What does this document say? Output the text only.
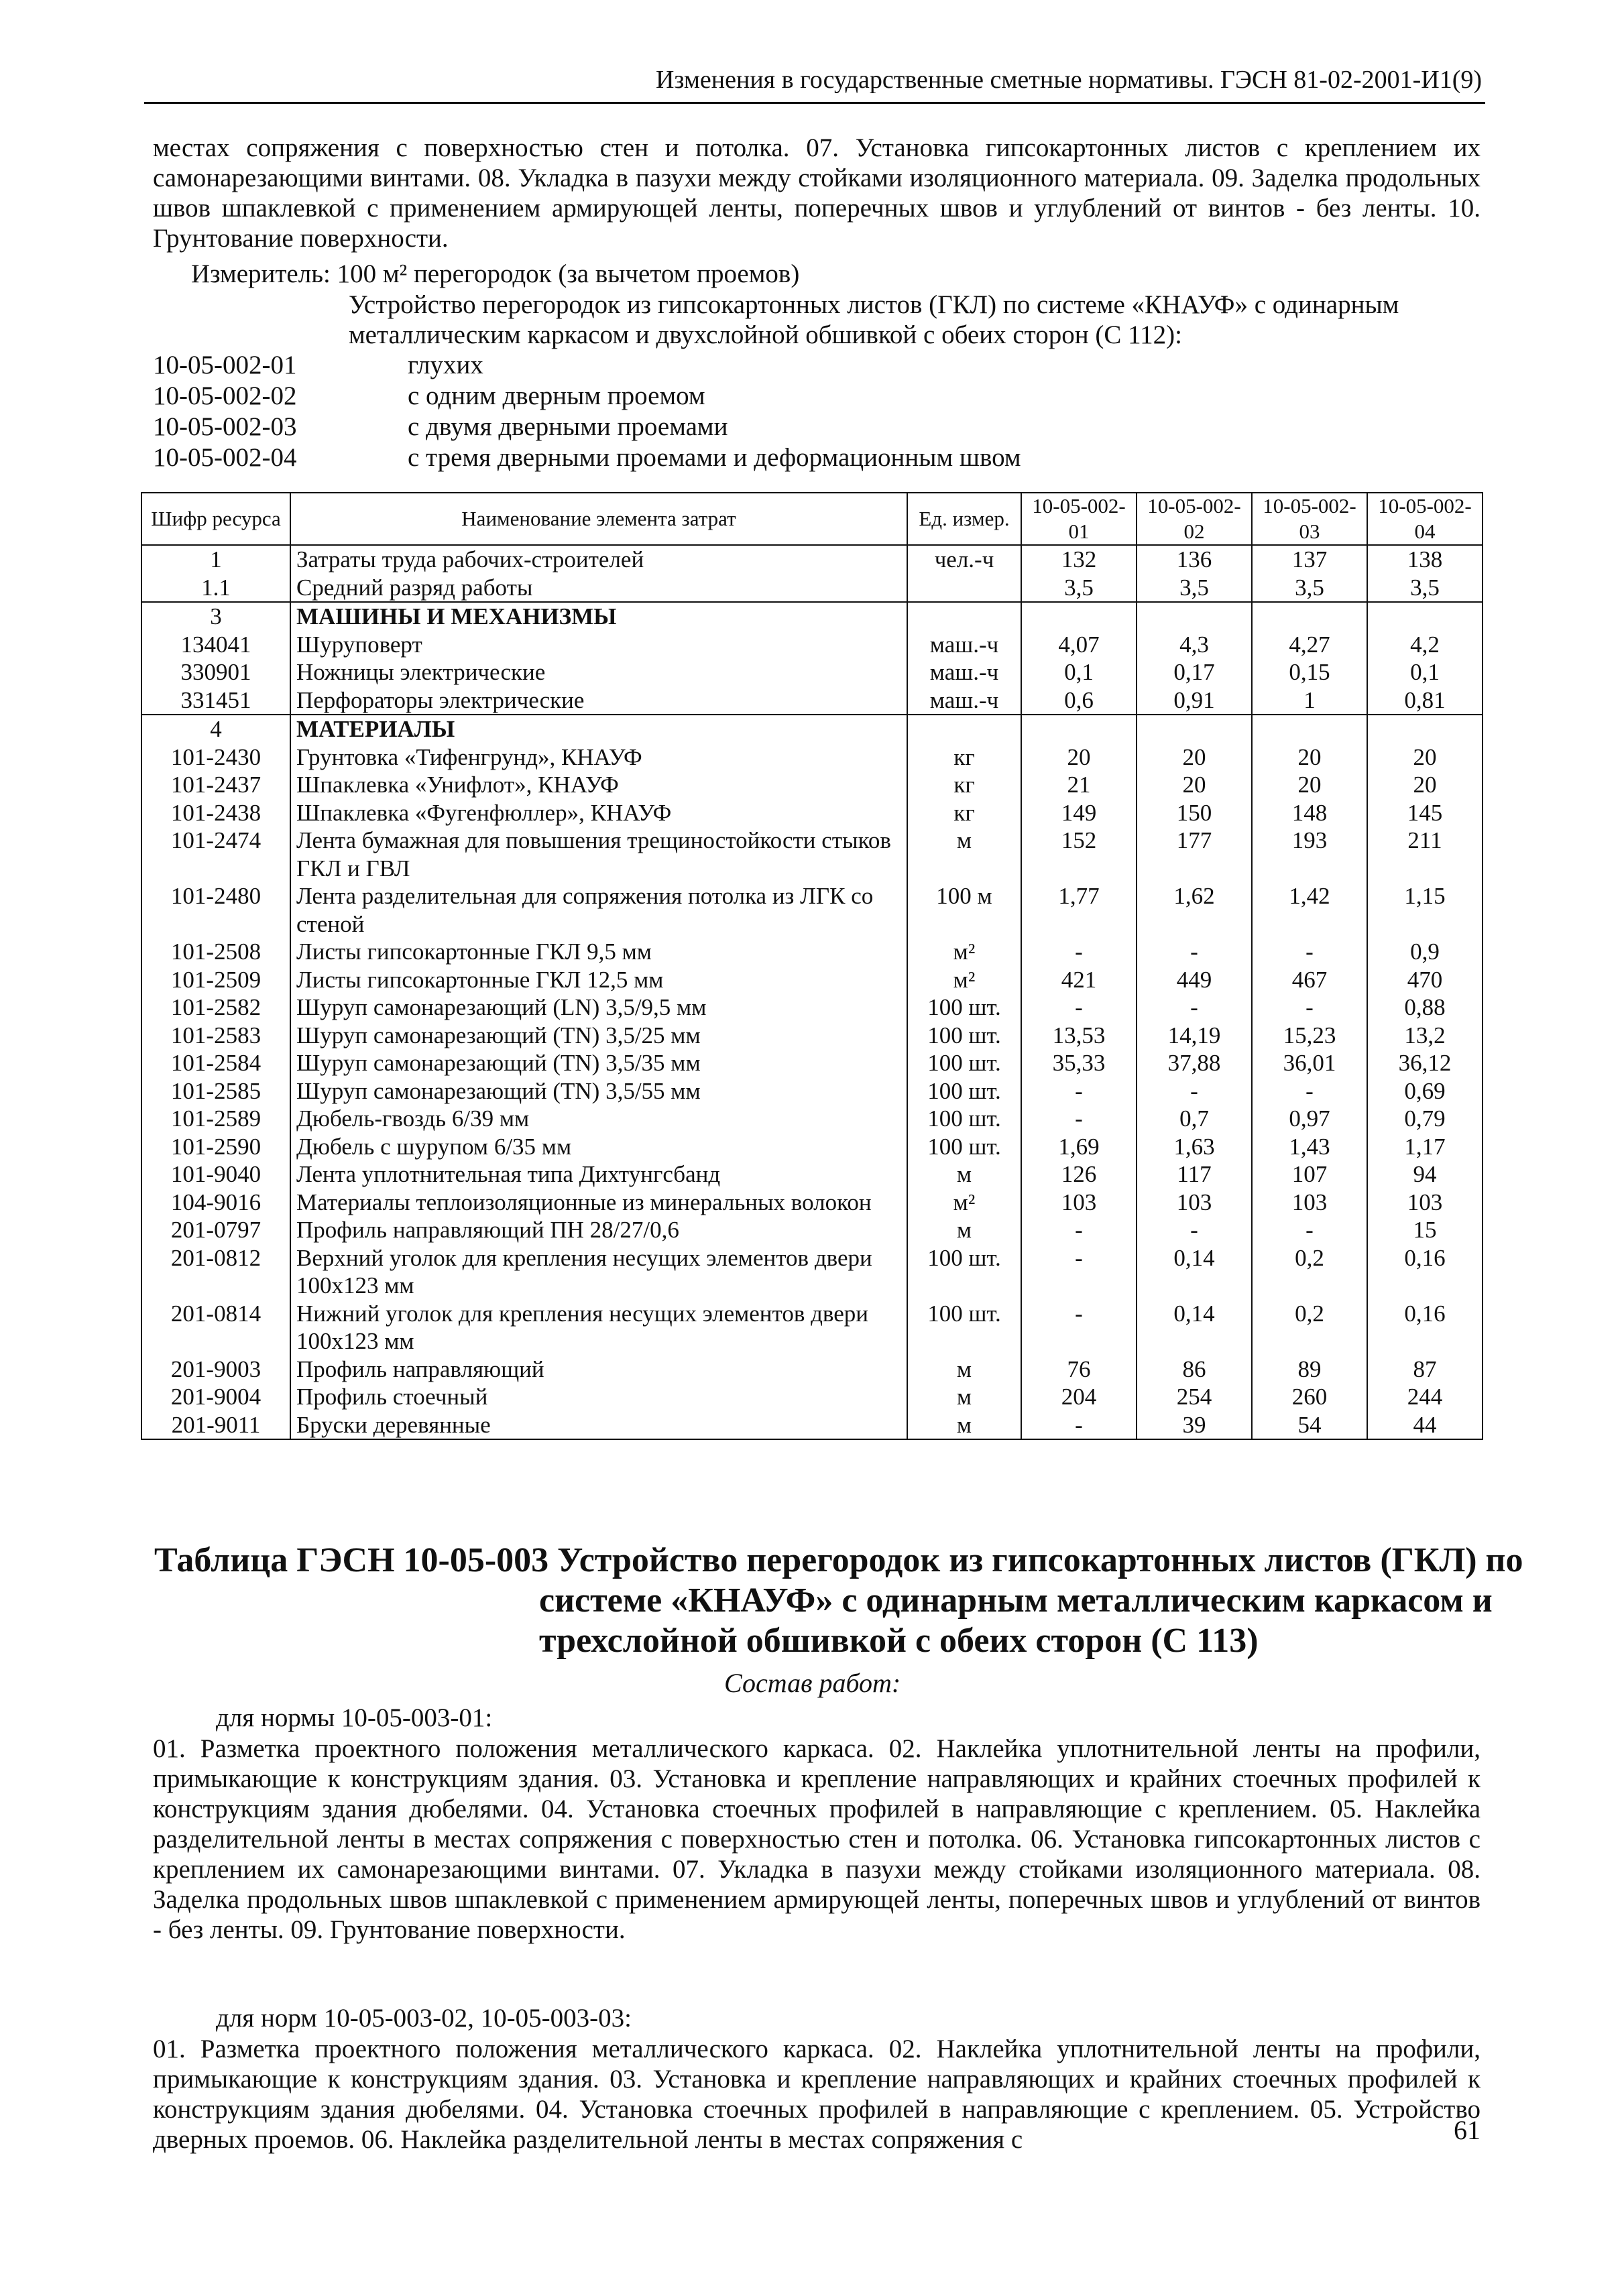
Изменения в государственные сметные нормативы. ГЭСН 81-02-2001-И1(9)
местах сопряжения с поверхностью стен и потолка. 07. Установка гипсокартонных листов с креплением их самонарезающими винтами. 08. Укладка в пазухи между стойками изоляционного материала. 09. Заделка продольных швов шпаклевкой с применением армирующей ленты, поперечных швов и углублений от винтов - без ленты. 10. Грунтование поверхности.
Измеритель: 100 м² перегородок (за вычетом проемов)
Устройство перегородок из гипсокартонных листов (ГКЛ) по системе «КНАУФ» с одинарным металлическим каркасом и двухслойной обшивкой с обеих сторон (С 112):
10-05-002-01	глухих
10-05-002-02	с одним дверным проемом
10-05-002-03	с двумя дверными проемами
10-05-002-04	с тремя дверными проемами и деформационным швом
Шифр ресурса	Наименование элемента затрат	Ед. измер.	10-05-002-01	10-05-002-02	10-05-002-03	10-05-002-04
1	Затраты труда рабочих-строителей	чел.-ч	132	136	137	138
1.1	Средний разряд работы		3,5	3,5	3,5	3,5
3	МАШИНЫ И МЕХАНИЗМЫ					
134041	Шуруповерт	маш.-ч	4,07	4,3	4,27	4,2
330901	Ножницы электрические	маш.-ч	0,1	0,17	0,15	0,1
331451	Перфораторы электрические	маш.-ч	0,6	0,91	1	0,81
4	МАТЕРИАЛЫ					
101-2430	Грунтовка «Тифенгрунд», КНАУФ	кг	20	20	20	20
101-2437	Шпаклевка «Унифлот», КНАУФ	кг	21	20	20	20
101-2438	Шпаклевка «Фугенфюллер», КНАУФ	кг	149	150	148	145
101-2474	Лента бумажная для повышения трещиностойкости стыков ГКЛ и ГВЛ	м	152	177	193	211
101-2480	Лента разделительная для сопряжения потолка из ЛГК со стеной	100 м	1,77	1,62	1,42	1,15
101-2508	Листы гипсокартонные ГКЛ 9,5 мм	м²	-	-	-	0,9
101-2509	Листы гипсокартонные ГКЛ 12,5 мм	м²	421	449	467	470
101-2582	Шуруп самонарезающий (LN) 3,5/9,5 мм	100 шт.	-	-	-	0,88
101-2583	Шуруп самонарезающий (TN) 3,5/25 мм	100 шт.	13,53	14,19	15,23	13,2
101-2584	Шуруп самонарезающий (TN) 3,5/35 мм	100 шт.	35,33	37,88	36,01	36,12
101-2585	Шуруп самонарезающий (TN) 3,5/55 мм	100 шт.	-	-	-	0,69
101-2589	Дюбель-гвоздь 6/39 мм	100 шт.	-	0,7	0,97	0,79
101-2590	Дюбель с шурупом 6/35 мм	100 шт.	1,69	1,63	1,43	1,17
101-9040	Лента уплотнительная типа Дихтунгсбанд	м	126	117	107	94
104-9016	Материалы теплоизоляционные из минеральных волокон	м²	103	103	103	103
201-0797	Профиль направляющий ПН 28/27/0,6	м	-	-	-	15
201-0812	Верхний уголок для крепления несущих элементов двери 100х123 мм	100 шт.	-	0,14	0,2	0,16
201-0814	Нижний уголок для крепления несущих элементов двери 100х123 мм	100 шт.	-	0,14	0,2	0,16
201-9003	Профиль направляющий	м	76	86	89	87
201-9004	Профиль стоечный	м	204	254	260	244
201-9011	Бруски деревянные	м	-	39	54	44
Таблица ГЭСН 10-05-003 Устройство перегородок из гипсокартонных листов (ГКЛ) по
системе «КНАУФ» с одинарным металлическим каркасом и
трехслойной обшивкой с обеих сторон (С 113)
Состав работ:
для нормы 10-05-003-01:
01. Разметка проектного положения металлического каркаса. 02. Наклейка уплотнительной ленты на профили, примыкающие к конструкциям здания. 03. Установка и крепление направляющих и крайних стоечных профилей к конструкциям здания дюбелями. 04. Установка стоечных профилей в направляющие с креплением. 05. Наклейка разделительной ленты в местах сопряжения с поверхностью стен и потолка. 06. Установка гипсокартонных листов с креплением их самонарезающими винтами. 07. Укладка в пазухи между стойками изоляционного материала. 08. Заделка продольных швов шпаклевкой с применением армирующей ленты, поперечных швов и углублений от винтов - без ленты. 09. Грунтование поверхности.
для норм 10-05-003-02, 10-05-003-03:
01. Разметка проектного положения металлического каркаса. 02. Наклейка уплотнительной ленты на профили, примыкающие к конструкциям здания. 03. Установка и крепление направляющих и крайних стоечных профилей к конструкциям здания дюбелями. 04. Установка стоечных профилей в направляющие с креплением. 05. Устройство дверных проемов. 06. Наклейка разделительной ленты в местах сопряжения с	61
